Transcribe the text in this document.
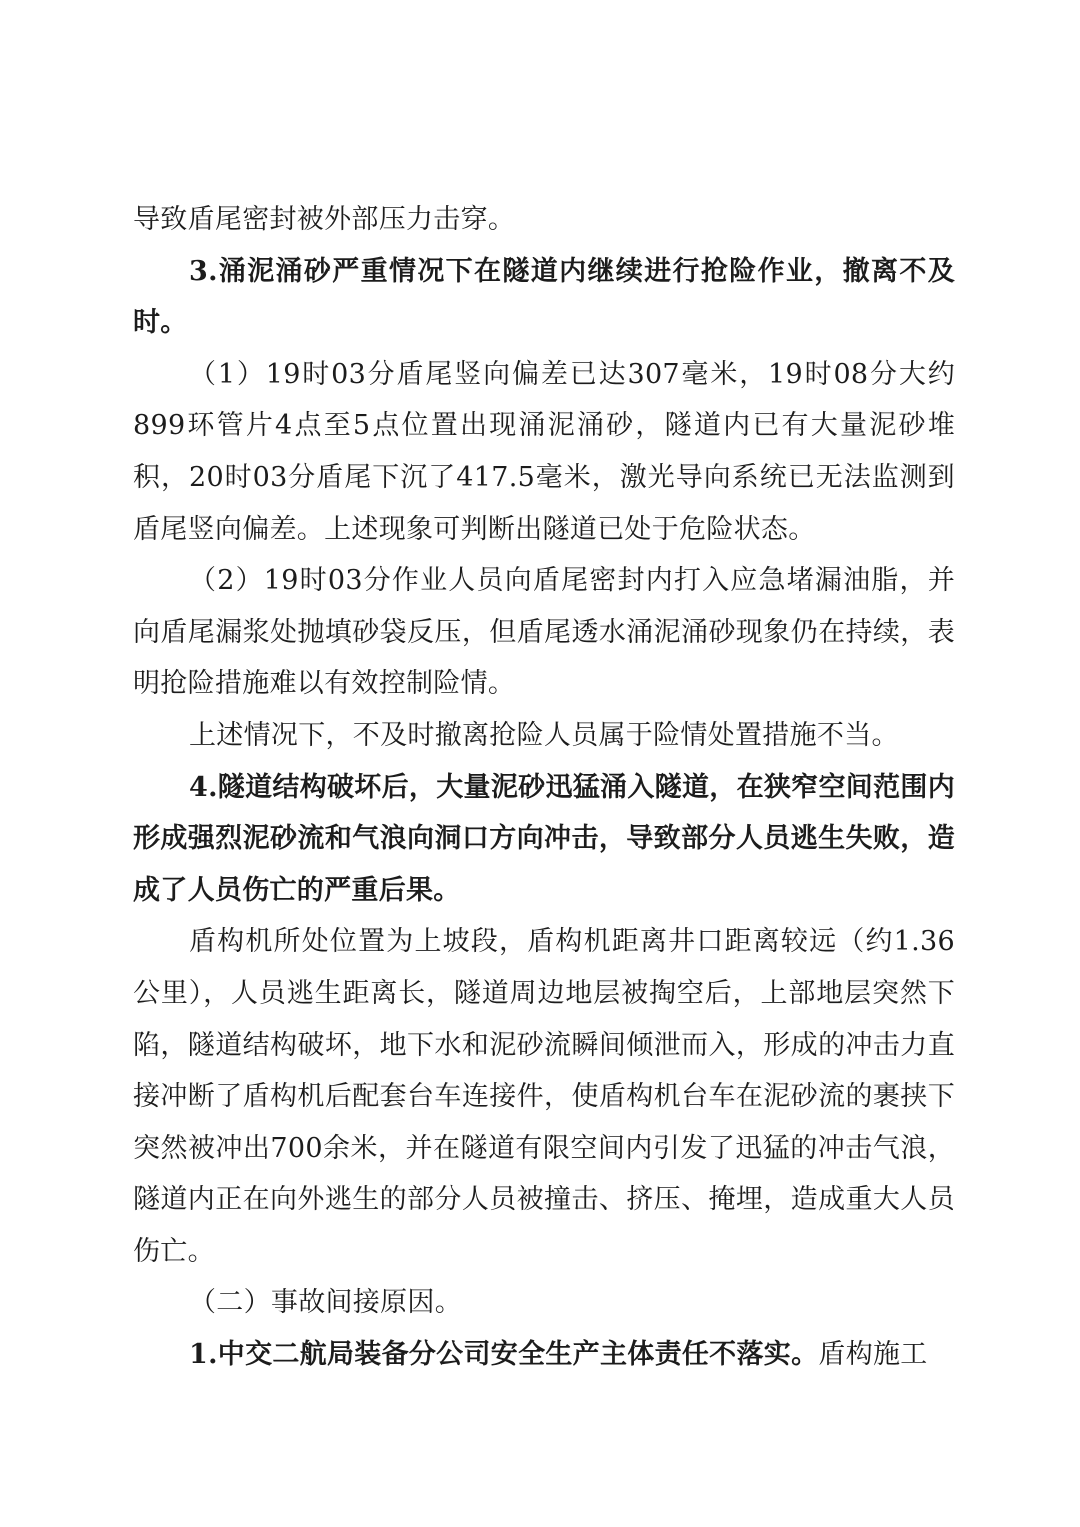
导致盾尾密封被外部压力击穿。

3.涌泥涌砂严重情况下在隧道内继续进行抢险作业，撤离不及时。

（1）19时03分盾尾竖向偏差已达307毫米，19时08分大约899环管片4点至5点位置出现涌泥涌砂，隧道内已有大量泥砂堆积，20时03分盾尾下沉了417.5毫米，激光导向系统已无法监测到盾尾竖向偏差。上述现象可判断出隧道已处于危险状态。

（2）19时03分作业人员向盾尾密封内打入应急堵漏油脂，并向盾尾漏浆处抛填砂袋反压，但盾尾透水涌泥涌砂现象仍在持续，表明抢险措施难以有效控制险情。

上述情况下，不及时撤离抢险人员属于险情处置措施不当。

4.隧道结构破坏后，大量泥砂迅猛涌入隧道，在狭窄空间范围内形成强烈泥砂流和气浪向洞口方向冲击，导致部分人员逃生失败，造成了人员伤亡的严重后果。

盾构机所处位置为上坡段，盾构机距离井口距离较远（约1.36公里），人员逃生距离长，隧道周边地层被掏空后，上部地层突然下陷，隧道结构破坏，地下水和泥砂流瞬间倾泄而入，形成的冲击力直接冲断了盾构机后配套台车连接件，使盾构机台车在泥砂流的裹挟下突然被冲出700余米，并在隧道有限空间内引发了迅猛的冲击气浪，隧道内正在向外逃生的部分人员被撞击、挤压、掩埋，造成重大人员伤亡。

（二）事故间接原因。

1.中交二航局装备分公司安全生产主体责任不落实。盾构施工
